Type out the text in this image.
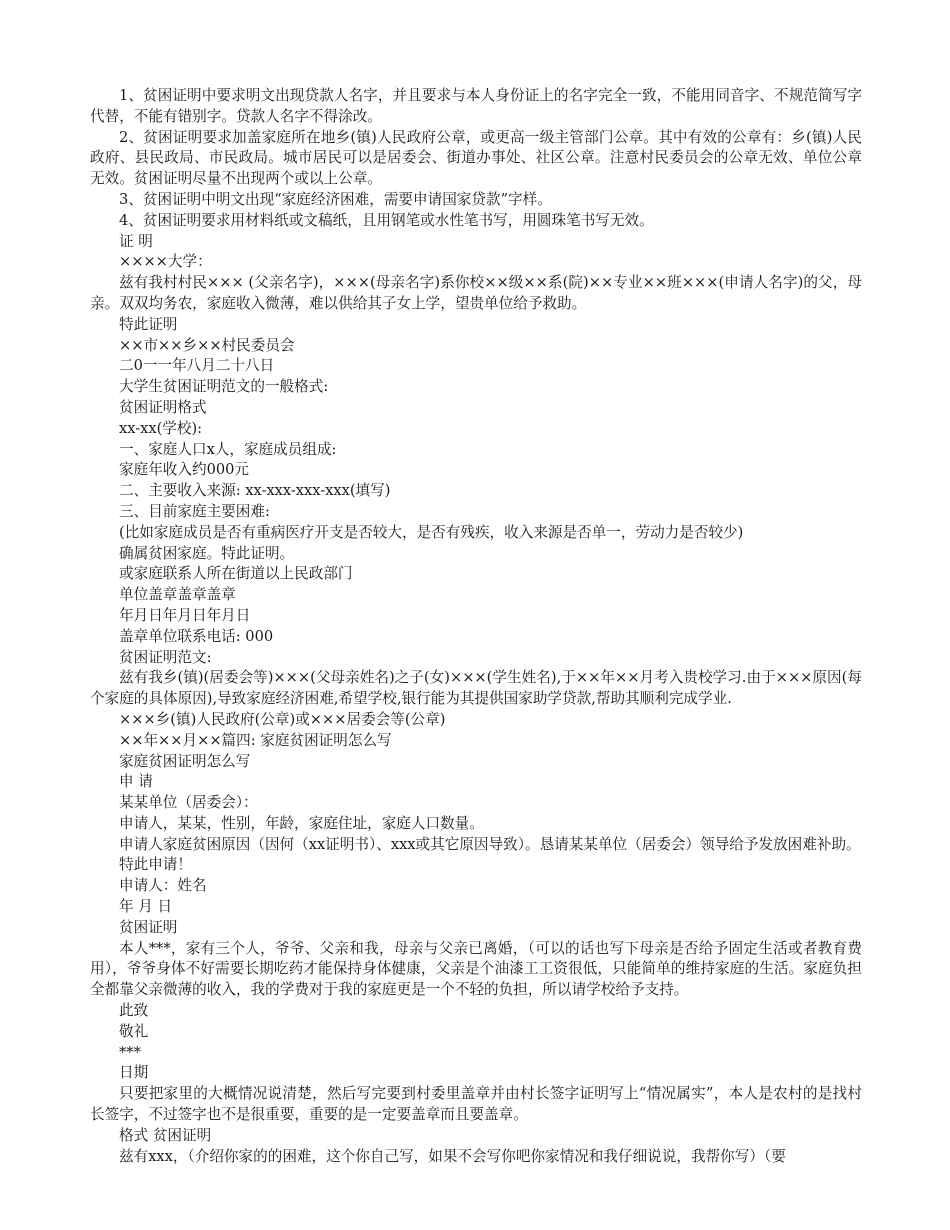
1、贫困证明中要求明文出现贷款人名字，并且要求与本人身份证上的名字完全一致，不能用同音字、不规范简写字代替，不能有错别字。贷款人名字不得涂改。

2、贫困证明要求加盖家庭所在地乡(镇)人民政府公章，或更高一级主管部门公章。其中有效的公章有：乡(镇)人民政府、县民政局、市民政局。城市居民可以是居委会、街道办事处、社区公章。注意村民委员会的公章无效、单位公章无效。贫困证明尽量不出现两个或以上公章。

3、贫困证明中明文出现“家庭经济困难，需要申请国家贷款”字样。

4、贫困证明要求用材料纸或文稿纸，且用钢笔或水性笔书写，用圆珠笔书写无效。

证 明

××××大学：

兹有我村村民××× (父亲名字)，×××(母亲名字)系你校××级××系(院)××专业××班×××(申请人名字)的父，母亲。双双均务农，家庭收入微薄，难以供给其子女上学，望贵单位给予救助。

特此证明

××市××乡××村民委员会

二0一一年八月二十八日

大学生贫困证明范文的一般格式:

贫困证明格式

xx-xx(学校):

一、家庭人口x人，家庭成员组成:

家庭年收入约000元

二、主要收入来源: xx-xxx-xxx-xxx(填写)

三、目前家庭主要困难:

(比如家庭成员是否有重病医疗开支是否较大，是否有残疾，收入来源是否单一，劳动力是否较少)

确属贫困家庭。特此证明。

或家庭联系人所在街道以上民政部门

单位盖章盖章盖章

年月日年月日年月日

盖章单位联系电话: 000

贫困证明范文:

兹有我乡(镇)(居委会等)×××(父母亲姓名)之子(女)×××(学生姓名),于××年××月考入贵校学习.由于×××原因(每个家庭的具体原因),导致家庭经济困难,希望学校,银行能为其提供国家助学贷款,帮助其顺利完成学业.

×××乡(镇)人民政府(公章)或×××居委会等(公章)

××年××月××篇四: 家庭贫困证明怎么写

家庭贫困证明怎么写

申 请

某某单位（居委会）：

申请人，某某，性别，年龄，家庭住址，家庭人口数量。

申请人家庭贫困原因（因何（xx证明书）、xxx或其它原因导致）。恳请某某单位（居委会）领导给予发放困难补助。

特此申请！

申请人：姓名

年 月 日

贫困证明

本人***，家有三个人，爷爷、父亲和我，母亲与父亲已离婚，（可以的话也写下母亲是否给予固定生活或者教育费用），爷爷身体不好需要长期吃药才能保持身体健康，父亲是个油漆工工资很低，只能简单的维持家庭的生活。家庭负担全都靠父亲微薄的收入，我的学费对于我的家庭更是一个不轻的负担，所以请学校给予支持。

此致

敬礼

***

日期

只要把家里的大概情况说清楚，然后写完要到村委里盖章并由村长签字证明写上“情况属实”，本人是农村的是找村长签字，不过签字也不是很重要，重要的是一定要盖章而且要盖章。

格式 贫困证明

兹有xxx，（介绍你家的的困难，这个你自己写，如果不会写你吧你家情况和我仔细说说，我帮你写）（要
